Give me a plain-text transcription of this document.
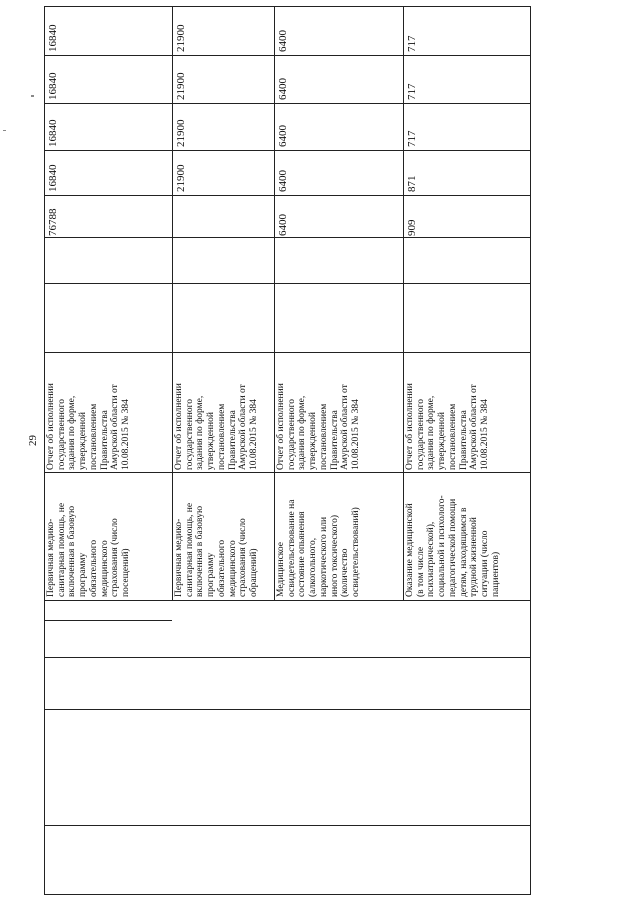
29
Первичная медико-
санитарная помощь, не
включенная в базовую
программу
обязательного
медицинского
страхования (число
посещений)
Отчет об исполнении
государственного
задания по форме,
утвержденной
постановлением
Правительства
Амурской области от
10.08.2015 № 384
76788
16840
16840
16840
16840
Первичная медико-
санитарная помощь, не
включенная в базовую
программу
обязательного
медицинского
страхования (число
обращений)
Отчет об исполнении
государственного
задания по форме,
утвержденной
постановлением
Правительства
Амурской области от
10.08.2015 № 384
21900
21900
21900
21900
Медицинское
освидетельствование на
состояние опьянения
(алкогольного,
наркотического или
иного токсического)
(количество
освидетельствований)
Отчет об исполнении
государственного
задания по форме,
утвержденной
постановлением
Правительства
Амурской области от
10.08.2015 № 384
6400
6400
6400
6400
6400
Оказание медицинской
(в том числе
психиатрической),
социальной и психолого-
педагогической помощи
детям, находящимся в
трудной жизненной
ситуации (число
пациентов)
Отчет об исполнении
государственного
задания по форме,
утвержденной
постановлением
Правительства
Амурской области от
10.08.2015 № 384
909
871
717
717
717
